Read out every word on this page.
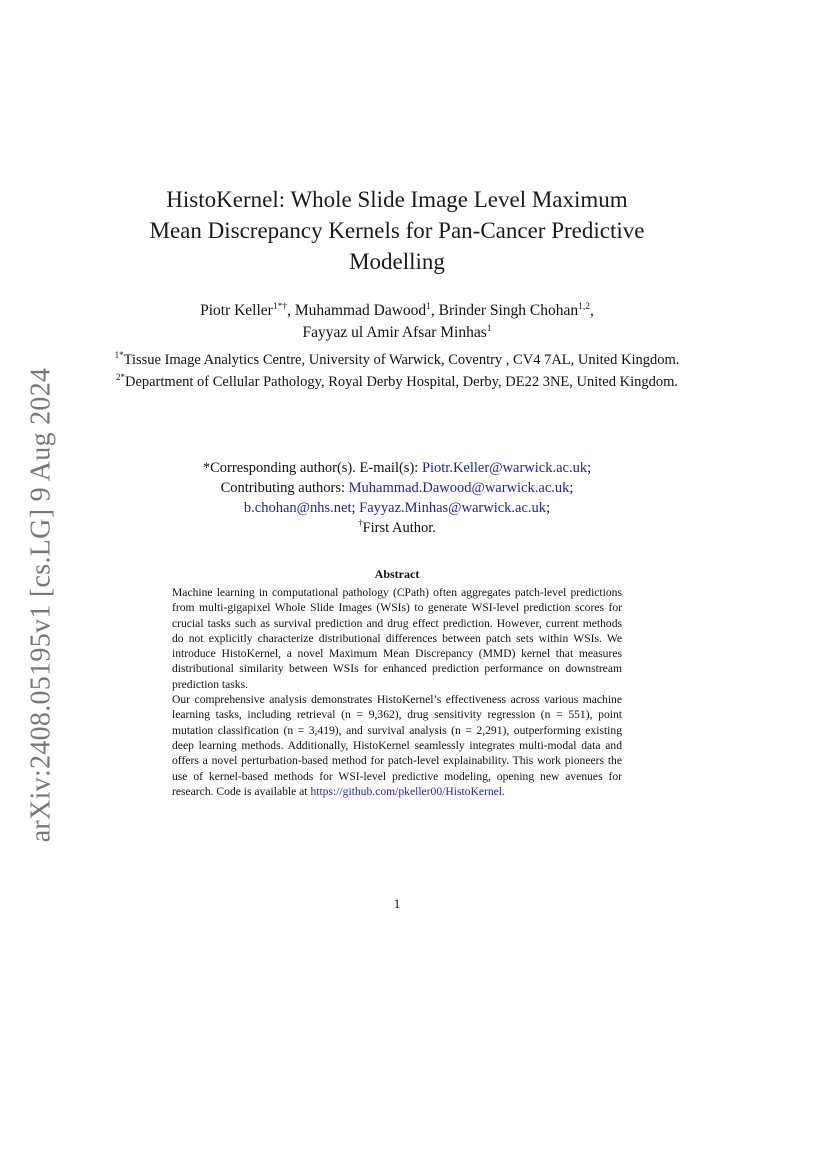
arXiv:2408.05195v1 [cs.LG] 9 Aug 2024
HistoKernel: Whole Slide Image Level Maximum Mean Discrepancy Kernels for Pan-Cancer Predictive Modelling
Piotr Keller$^{1*\dagger}$, Muhammad Dawood$^1$, Brinder Singh Chohan$^{1,2}$,
Fayyaz ul Amir Afsar Minhas$^1$

$^{1*}$Tissue Image Analytics Centre, University of Warwick, Coventry , CV4 7AL, United Kingdom.

$^{2*}$Department of Cellular Pathology, Royal Derby Hospital, Derby, DE22 3NE, United Kingdom.

*Corresponding author(s). E-mail(s): Piotr.Keller@warwick.ac.uk;
Contributing authors: Muhammad.Dawood@warwick.ac.uk;
b.chohan@nhs.net; Fayyaz.Minhas@warwick.ac.uk;
†First Author.
Abstract

Machine learning in computational pathology (CPath) often aggregates patch-level predictions from multi-gigapixel Whole Slide Images (WSIs) to generate WSI-level prediction scores for crucial tasks such as survival prediction and drug effect prediction. However, current methods do not explicitly characterize distributional differences between patch sets within WSIs. We introduce HistoKernel, a novel Maximum Mean Discrepancy (MMD) kernel that measures distributional similarity between WSIs for enhanced prediction performance on downstream prediction tasks.

Our comprehensive analysis demonstrates HistoKernel’s effectiveness across various machine learning tasks, including retrieval (n = 9,362), drug sensitivity regression (n = 551), point mutation classification (n = 3,419), and survival analysis (n = 2,291), outperforming existing deep learning methods. Additionally, HistoKernel seamlessly integrates multi-modal data and offers a novel perturbation-based method for patch-level explainability. This work pioneers the use of kernel-based methods for WSI-level predictive modeling, opening new avenues for research. Code is available at https://github.com/pkeller00/HistoKernel.

1
